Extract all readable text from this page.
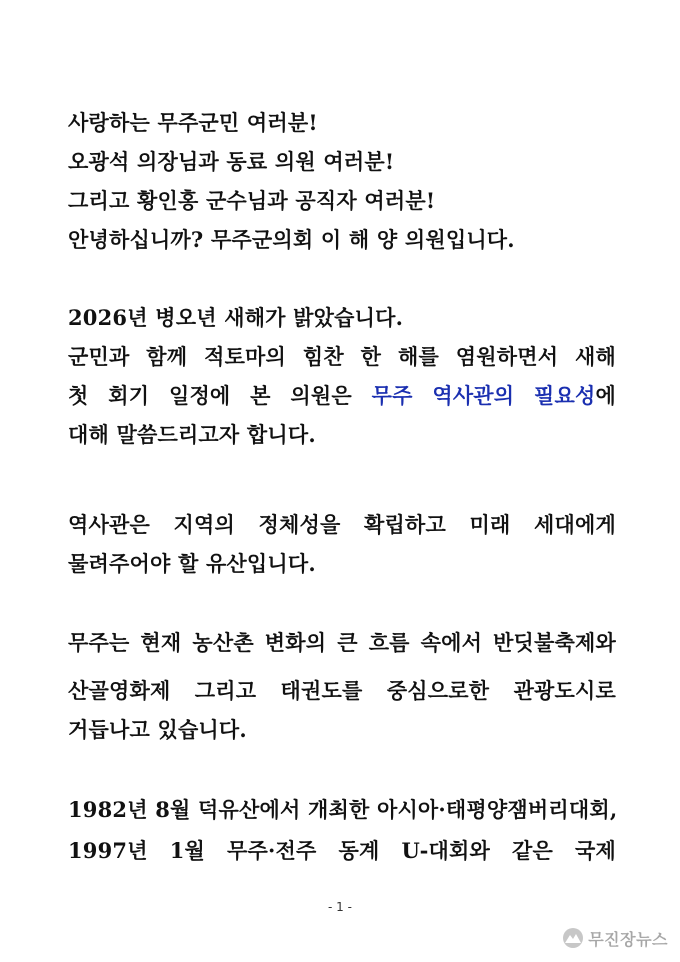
사랑하는 무주군민 여러분!
오광석 의장님과 동료 의원 여러분!
그리고 황인홍 군수님과 공직자 여러분!
안녕하십니까? 무주군의회 이 해 양 의원입니다.
2026년 병오년 새해가 밝았습니다.
군민과 함께 적토마의 힘찬 한 해를 염원하면서 새해
첫 회기 일정에 본 의원은 무주 역사관의 필요성에
대해 말씀드리고자 합니다.
역사관은 지역의 정체성을 확립하고 미래 세대에게
물려주어야 할 유산입니다.
무주는 현재 농산촌 변화의 큰 흐름 속에서 반딧불축제와
산골영화제 그리고 태권도를 중심으로한 관광도시로
거듭나고 있습니다.
1982년 8월 덕유산에서 개최한 아시아·태평양잼버리대회,
1997년 1월 무주·전주 동계 U-대회와 같은 국제
- 1 -
무진장뉴스
